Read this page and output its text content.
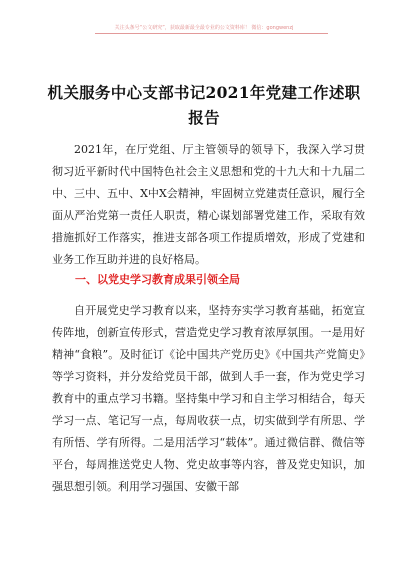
关注头条号“公文研究”，获取最新最全最专业的公文资料库！ 微信：gongwenzj
机关服务中心支部书记2021年党建工作述职
报告

2021年，在厅党组、厅主管领导的领导下，我深入学习贯彻习近平新时代中国特色社会主义思想和党的十九大和十九届二中、三中、五中、X中X会精神，牢固树立党建责任意识，履行全面从严治党第一责任人职责，精心谋划部署党建工作，采取有效措施抓好工作落实，推进支部各项工作提质增效，形成了党建和业务工作互助并进的良好格局。

一、以党史学习教育成果引领全局

自开展党史学习教育以来，坚持夯实学习教育基础，拓宽宣传阵地，创新宣传形式，营造党史学习教育浓厚氛围。一是用好精神“食粮”。及时征订《论中国共产党历史》《中国共产党简史》等学习资料，并分发给党员干部，做到人手一套，作为党史学习教育中的重点学习书籍。坚持集中学习和自主学习相结合，每天学习一点、笔记写一点，每周收获一点，切实做到学有所思、学有所悟、学有所得。二是用活学习“载体”。通过微信群、微信等平台，每周推送党史人物、党史故事等内容，普及党史知识，加强思想引领。利用学习强国、安徽干部
